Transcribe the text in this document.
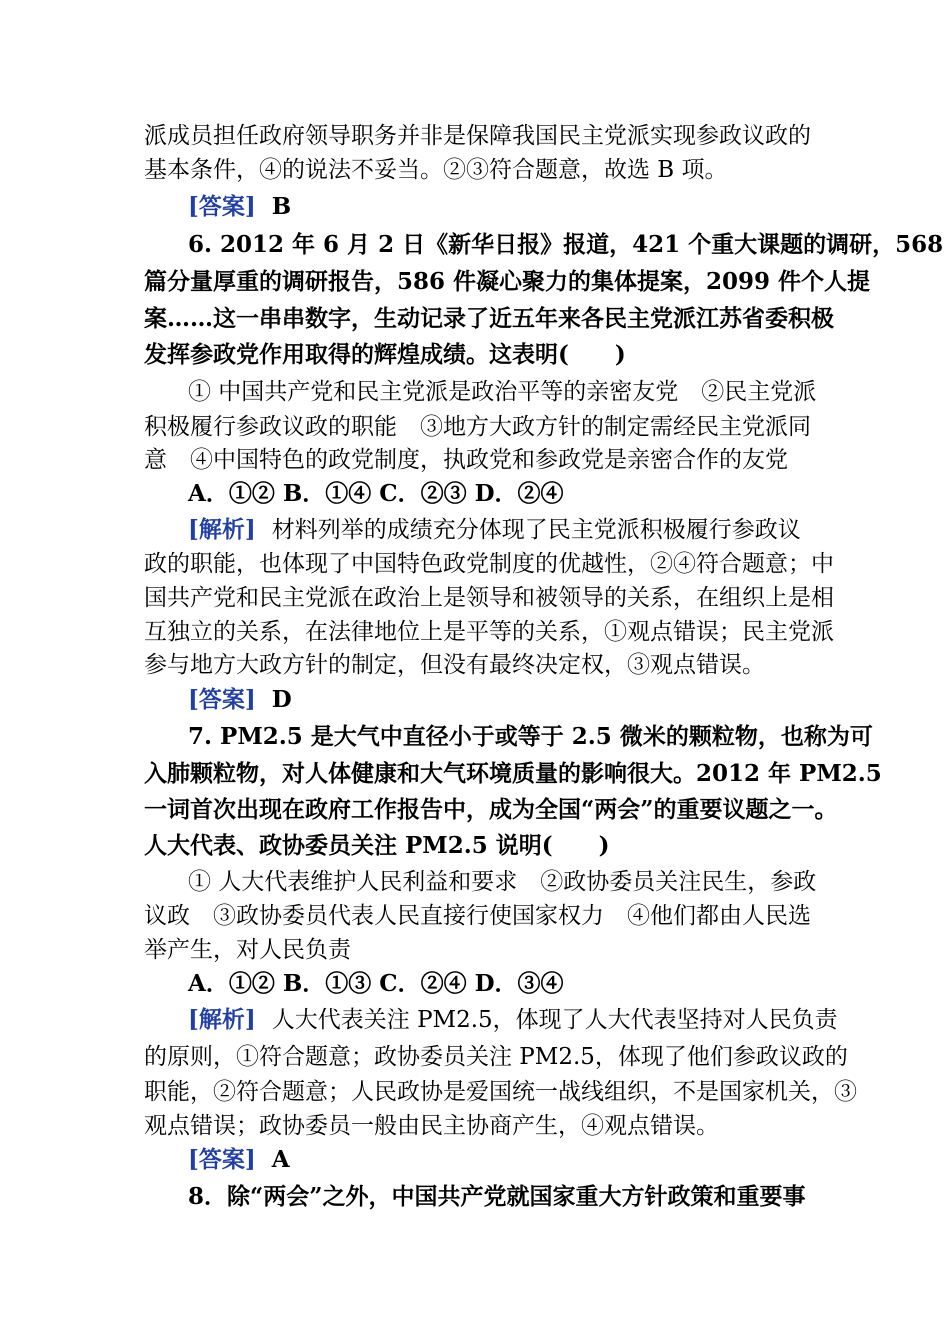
派成员担任政府领导职务并非是保障我国民主党派实现参政议政的
基本条件，④的说法不妥当。②③符合题意，故选 B 项。
[答案] B
6. 2012 年 6 月 2 日《新华日报》报道，421 个重大课题的调研，568
篇分量厚重的调研报告，586 件凝心聚力的集体提案，2099 件个人提
案……这一串串数字，生动记录了近五年来各民主党派江苏省委积极
发挥参政党作用取得的辉煌成绩。这表明(　　)
① 中国共产党和民主党派是政治平等的亲密友党　②民主党派
积极履行参政议政的职能　③地方大政方针的制定需经民主党派同
意　④中国特色的政党制度，执政党和参政党是亲密合作的友党
A．①② B．①④ C．②③ D．②④
[解析] 材料列举的成绩充分体现了民主党派积极履行参政议
政的职能，也体现了中国特色政党制度的优越性，②④符合题意；中
国共产党和民主党派在政治上是领导和被领导的关系，在组织上是相
互独立的关系，在法律地位上是平等的关系，①观点错误；民主党派
参与地方大政方针的制定，但没有最终决定权，③观点错误。
[答案] D
7. PM2.5 是大气中直径小于或等于 2.5 微米的颗粒物，也称为可
入肺颗粒物，对人体健康和大气环境质量的影响很大。2012 年 PM2.5
一词首次出现在政府工作报告中，成为全国“两会”的重要议题之一。
人大代表、政协委员关注 PM2.5 说明(　　)
① 人大代表维护人民利益和要求　②政协委员关注民生，参政
议政　③政协委员代表人民直接行使国家权力　④他们都由人民选
举产生，对人民负责
A．①② B．①③ C．②④ D．③④
[解析] 人大代表关注 PM2.5，体现了人大代表坚持对人民负责
的原则，①符合题意；政协委员关注 PM2.5，体现了他们参政议政的
职能，②符合题意；人民政协是爱国统一战线组织，不是国家机关，③
观点错误；政协委员一般由民主协商产生，④观点错误。
[答案] A
8．除“两会”之外，中国共产党就国家重大方针政策和重要事
